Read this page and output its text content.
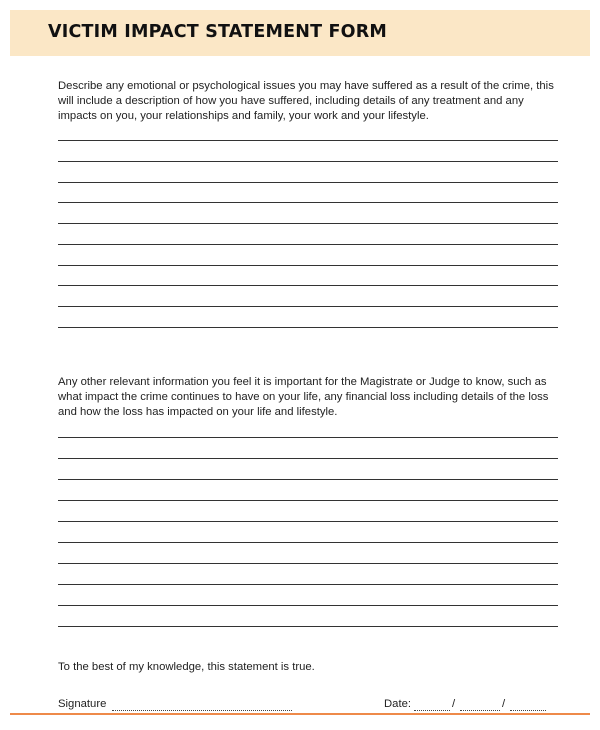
VICTIM IMPACT STATEMENT FORM
Describe any emotional or psychological issues you may have suffered as a result of the crime, this will include a description of how you have suffered, including details of any treatment and any impacts on you, your relationships and family, your work and your lifestyle.
Any other relevant information you feel it is important for the Magistrate or Judge to know, such as what impact the crime continues to have on your life, any financial loss including details of the loss and how the loss has impacted on your life and lifestyle.
To the best of my knowledge, this statement is true.
Signature	Date:	/	/
